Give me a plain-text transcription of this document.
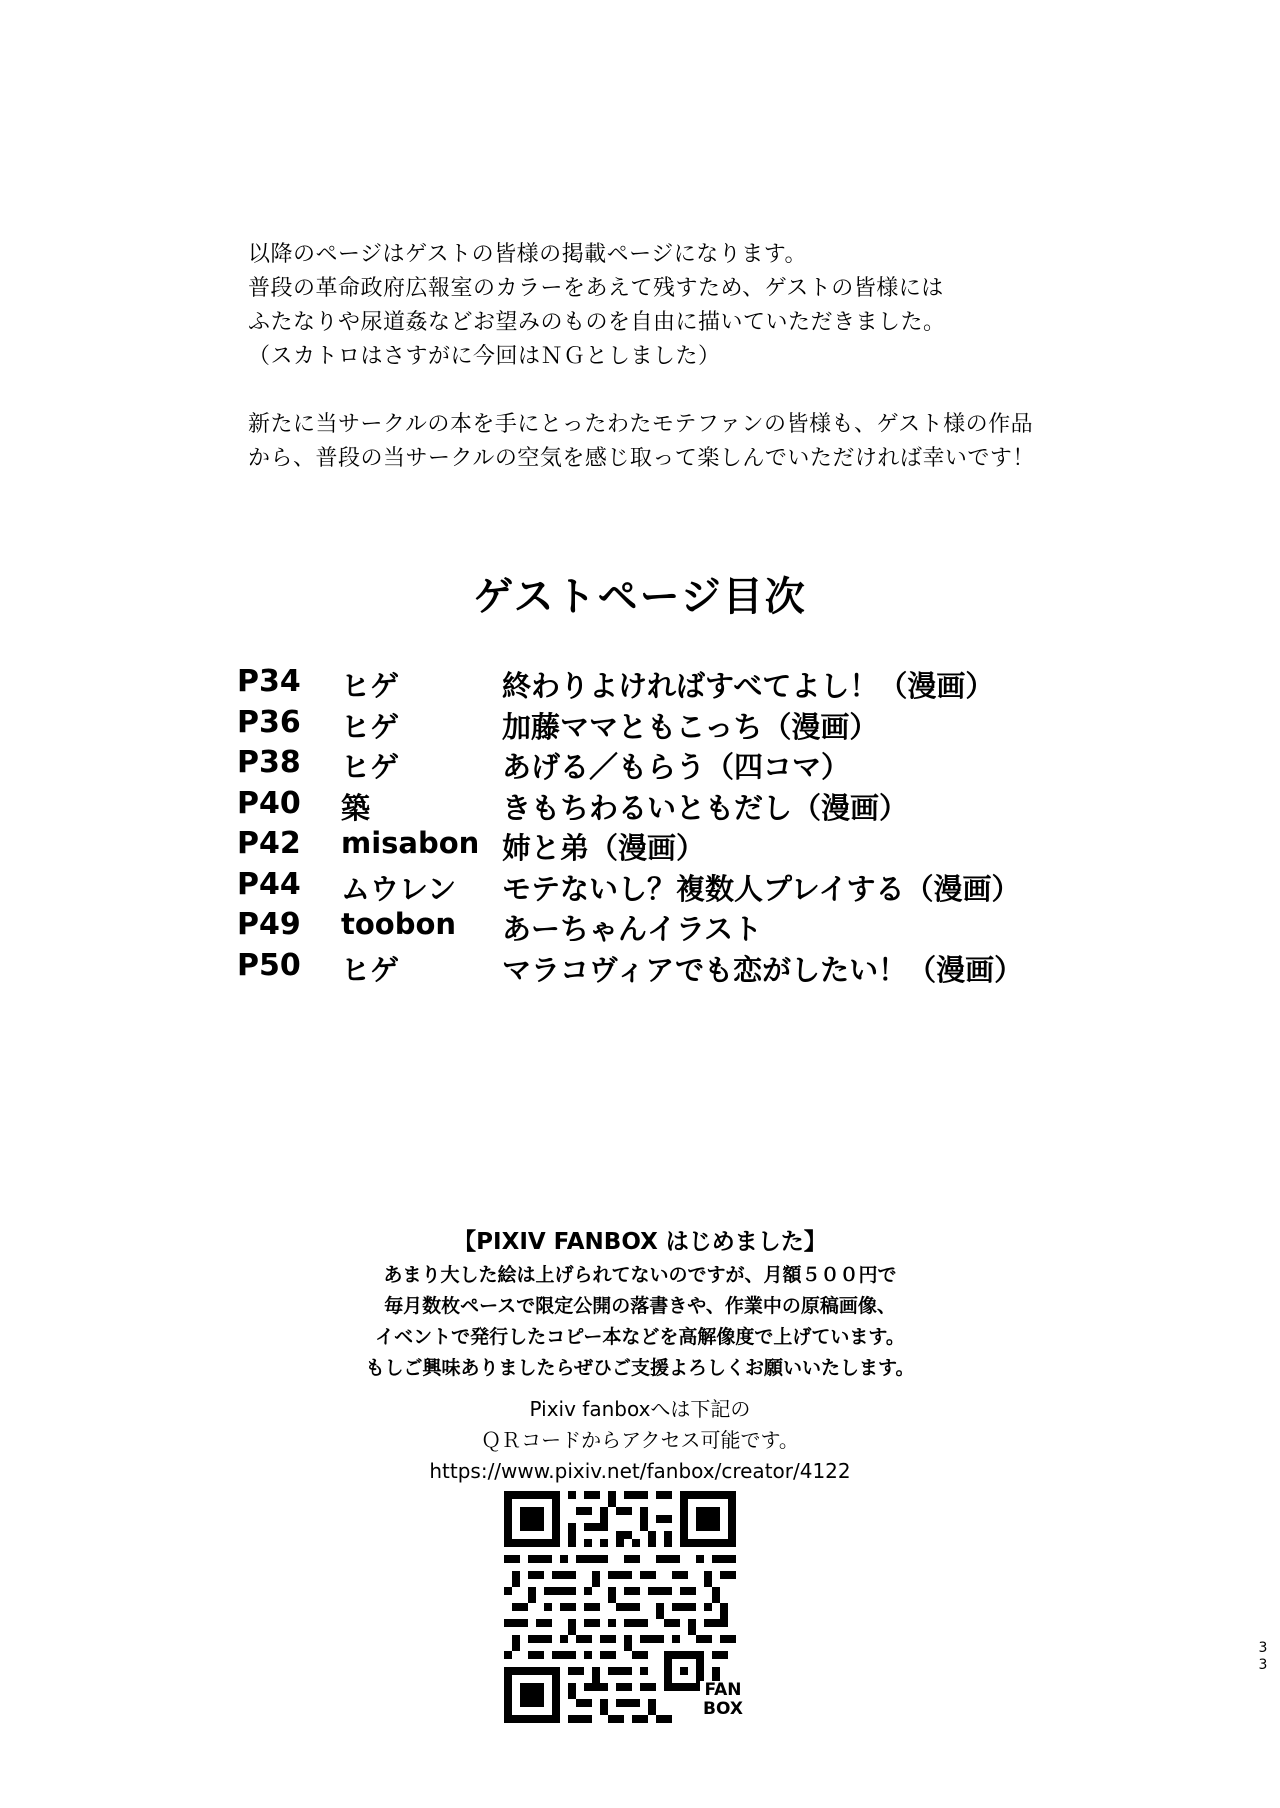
以降のページはゲストの皆様の掲載ページになります。

普段の革命政府広報室のカラーをあえて残すため、ゲストの皆様には

ふたなりや尿道姦などお望みのものを自由に描いていただきました。

（スカトロはさすがに今回はＮＧとしました）

新たに当サークルの本を手にとったわたモテファンの皆様も、ゲスト様の作品

から、普段の当サークルの空気を感じ取って楽しんでいただければ幸いです！

ゲストページ目次
P34 ヒゲ	終わりよければすべてよし！（漫画）
P36 ヒゲ	加藤ママともこっち（漫画）
P38 ヒゲ	あげる／もらう（四コマ）
P40 築	きもちわるいともだし（漫画）
P42 misabon 姉と弟（漫画）
P44 ムウレン モテないし？複数人プレイする（漫画）
P49 toobon あーちゃんイラスト
P50 ヒゲ	マラコヴィアでも恋がしたい！（漫画）
【PIXIV FANBOX はじめました】

あまり大した絵は上げられてないのですが、月額５００円で

毎月数枚ペースで限定公開の落書きや、作業中の原稿画像、

イベントで発行したコピー本などを高解像度で上げています。

もしご興味ありましたらぜひご支援よろしくお願いいたします。

Pixiv fanboxへは下記の

ＱＲコードからアクセス可能です。

https://www.pixiv.net/fanbox/creator/4122

FAN
BOX
3
3
